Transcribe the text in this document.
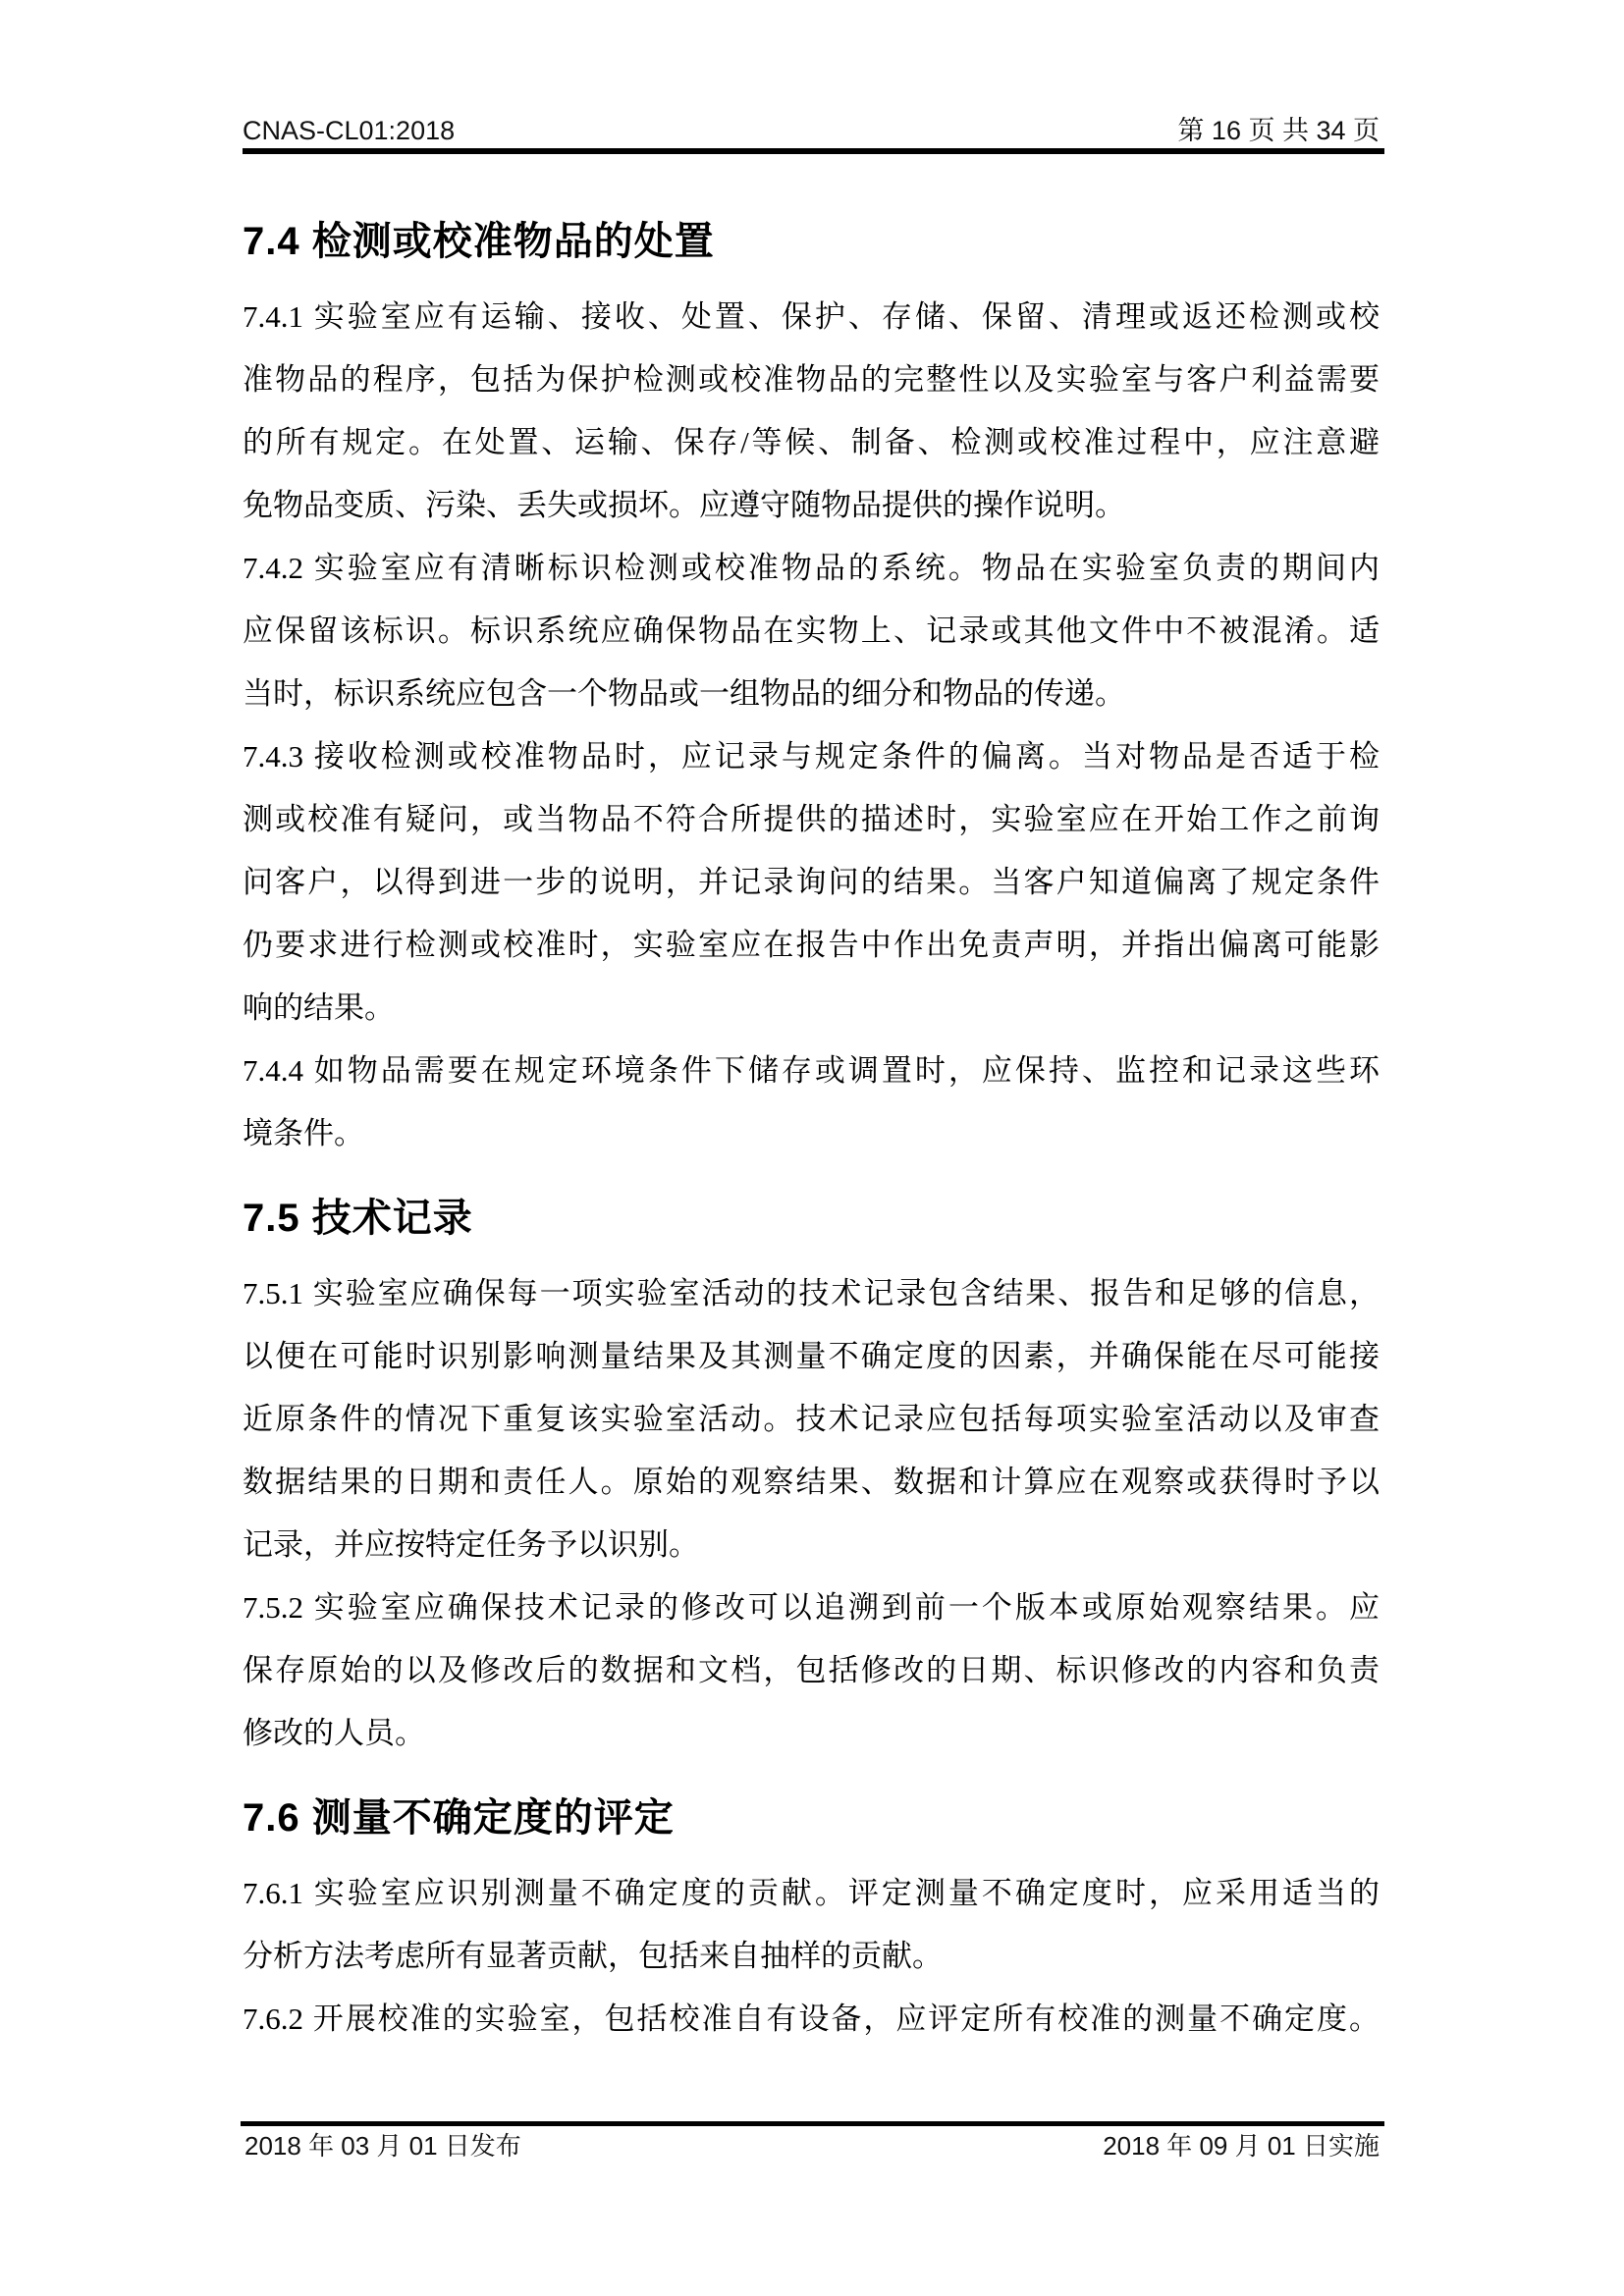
CNAS-CL01:2018	第 16 页 共 34 页
7.4 检测或校准物品的处置
7.4.1 实验室应有运输、接收、处置、保护、存储、保留、清理或返还检测或校
准物品的程序，包括为保护检测或校准物品的完整性以及实验室与客户利益需要
的所有规定。在处置、运输、保存/等候、制备、检测或校准过程中，应注意避
免物品变质、污染、丢失或损坏。应遵守随物品提供的操作说明。
7.4.2 实验室应有清晰标识检测或校准物品的系统。物品在实验室负责的期间内
应保留该标识。标识系统应确保物品在实物上、记录或其他文件中不被混淆。适
当时，标识系统应包含一个物品或一组物品的细分和物品的传递。
7.4.3 接收检测或校准物品时，应记录与规定条件的偏离。当对物品是否适于检
测或校准有疑问，或当物品不符合所提供的描述时，实验室应在开始工作之前询
问客户，以得到进一步的说明，并记录询问的结果。当客户知道偏离了规定条件
仍要求进行检测或校准时，实验室应在报告中作出免责声明，并指出偏离可能影
响的结果。
7.4.4 如物品需要在规定环境条件下储存或调置时，应保持、监控和记录这些环
境条件。
7.5 技术记录
7.5.1 实验室应确保每一项实验室活动的技术记录包含结果、报告和足够的信息，
以便在可能时识别影响测量结果及其测量不确定度的因素，并确保能在尽可能接
近原条件的情况下重复该实验室活动。技术记录应包括每项实验室活动以及审查
数据结果的日期和责任人。原始的观察结果、数据和计算应在观察或获得时予以
记录，并应按特定任务予以识别。
7.5.2 实验室应确保技术记录的修改可以追溯到前一个版本或原始观察结果。应
保存原始的以及修改后的数据和文档，包括修改的日期、标识修改的内容和负责
修改的人员。
7.6 测量不确定度的评定
7.6.1 实验室应识别测量不确定度的贡献。评定测量不确定度时，应采用适当的
分析方法考虑所有显著贡献，包括来自抽样的贡献。
7.6.2 开展校准的实验室，包括校准自有设备，应评定所有校准的测量不确定度。
2018 年 03 月 01 日发布	2018 年 09 月 01 日实施
